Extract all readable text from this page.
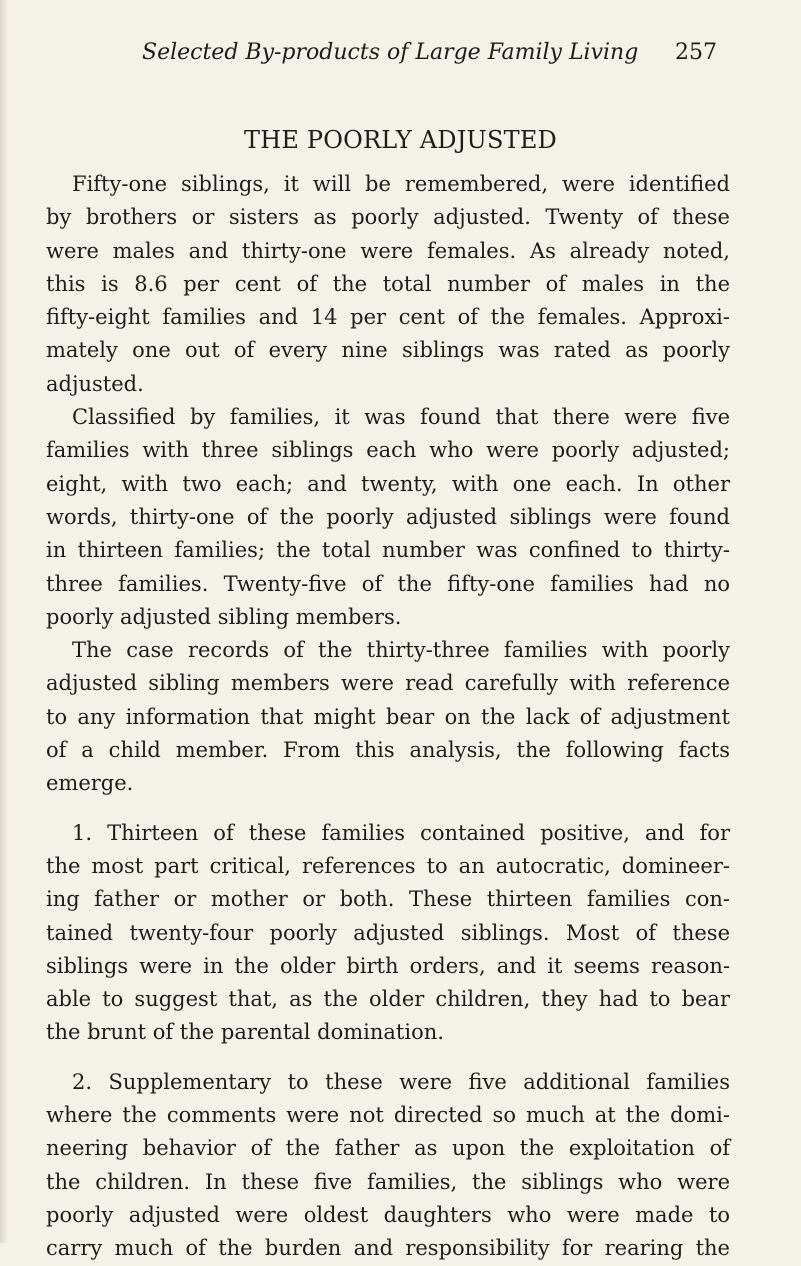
Selected By-products of Large Family Living 257
THE POORLY ADJUSTED
Fifty-one siblings, it will be remembered, were identified
by brothers or sisters as poorly adjusted. Twenty of these
were males and thirty-one were females. As already noted,
this is 8.6 per cent of the total number of males in the
fifty-eight families and 14 per cent of the females. Approxi-
mately one out of every nine siblings was rated as poorly
adjusted.
Classified by families, it was found that there were five
families with three siblings each who were poorly adjusted;
eight, with two each; and twenty, with one each. In other
words, thirty-one of the poorly adjusted siblings were found
in thirteen families; the total number was confined to thirty-
three families. Twenty-five of the fifty-one families had no
poorly adjusted sibling members.
The case records of the thirty-three families with poorly
adjusted sibling members were read carefully with reference
to any information that might bear on the lack of adjustment
of a child member. From this analysis, the following facts
emerge.
1. Thirteen of these families contained positive, and for
the most part critical, references to an autocratic, domineer-
ing father or mother or both. These thirteen families con-
tained twenty-four poorly adjusted siblings. Most of these
siblings were in the older birth orders, and it seems reason-
able to suggest that, as the older children, they had to bear
the brunt of the parental domination.
2. Supplementary to these were five additional families
where the comments were not directed so much at the domi-
neering behavior of the father as upon the exploitation of
the children. In these five families, the siblings who were
poorly adjusted were oldest daughters who were made to
carry much of the burden and responsibility for rearing the
